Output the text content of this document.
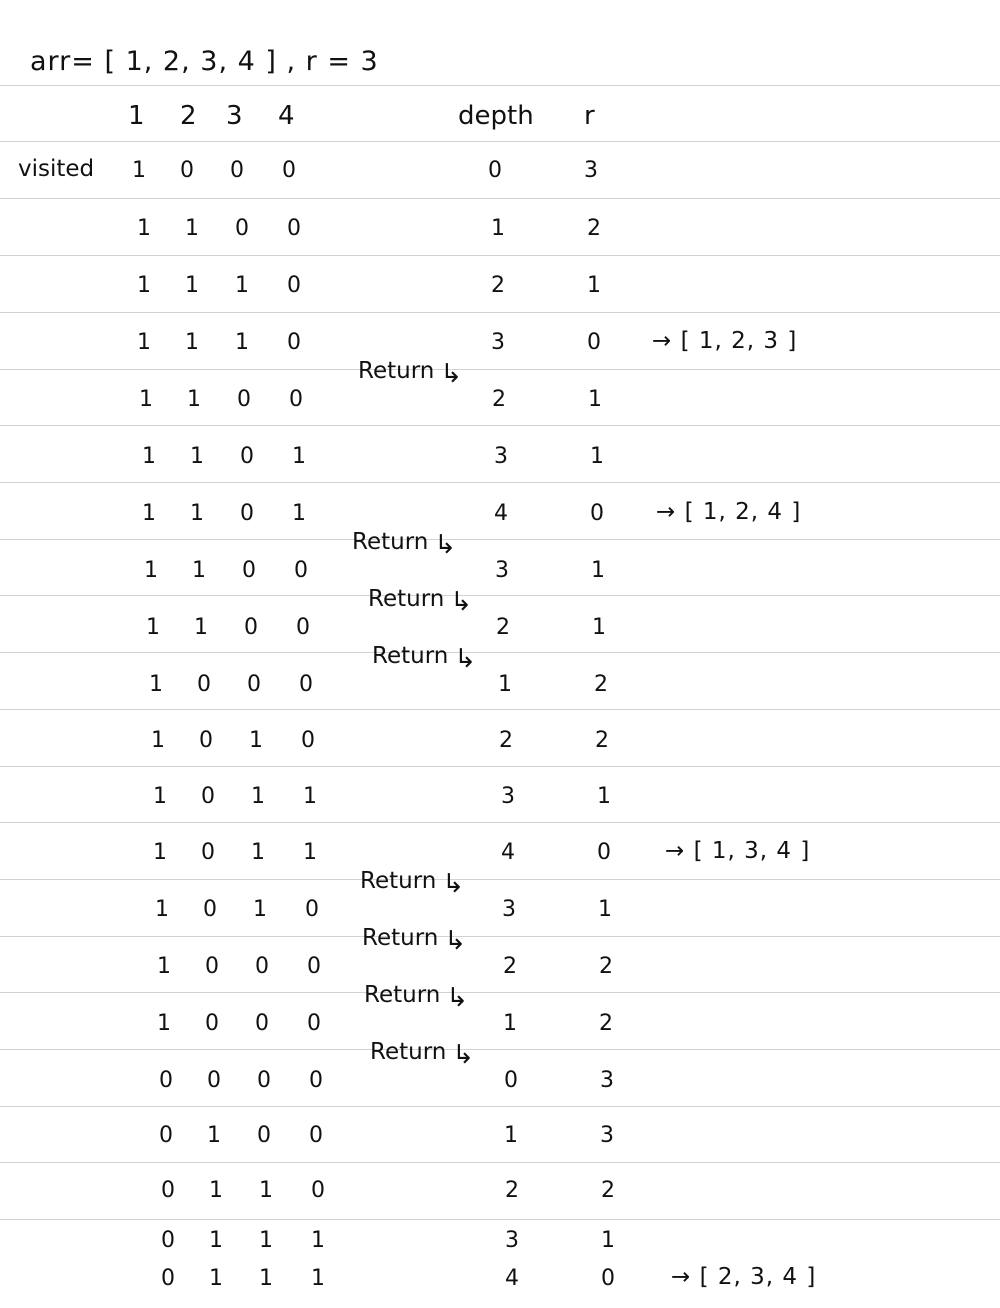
arr= [ 1, 2, 3, 4 ] , r = 3
1 2 3 4	depth r
visited	1	0	0	0	0	3
1	1	0	0	1	2
1	1	1	0	2	1
1	1	1	0	3	0	→ [ 1, 2, 3 ]
1	1	0	0	2	1
Return ↳
1	1	0	1	3	1
1	1	0	1	4	0	→ [ 1, 2, 4 ]
1	1	0	0	3	1
Return ↳
1	1	0	0	2	1
Return ↳
1	0	0	0	1	2
Return ↳
1	0	1	0	2	2
1	0	1	1	3	1
1	0	1	1	4	0	→ [ 1, 3, 4 ]
1	0	1	0	3	1
Return ↳
1	0	0	0	2	2
Return ↳
1	0	0	0	1	2
Return ↳
0	0	0	0	0	3
Return ↳
0	1	0	0	1	3
0	1	1	0	2	2
0	1	1	1	3	1
0	1	1	1	4	0	→ [ 2, 3, 4 ]
